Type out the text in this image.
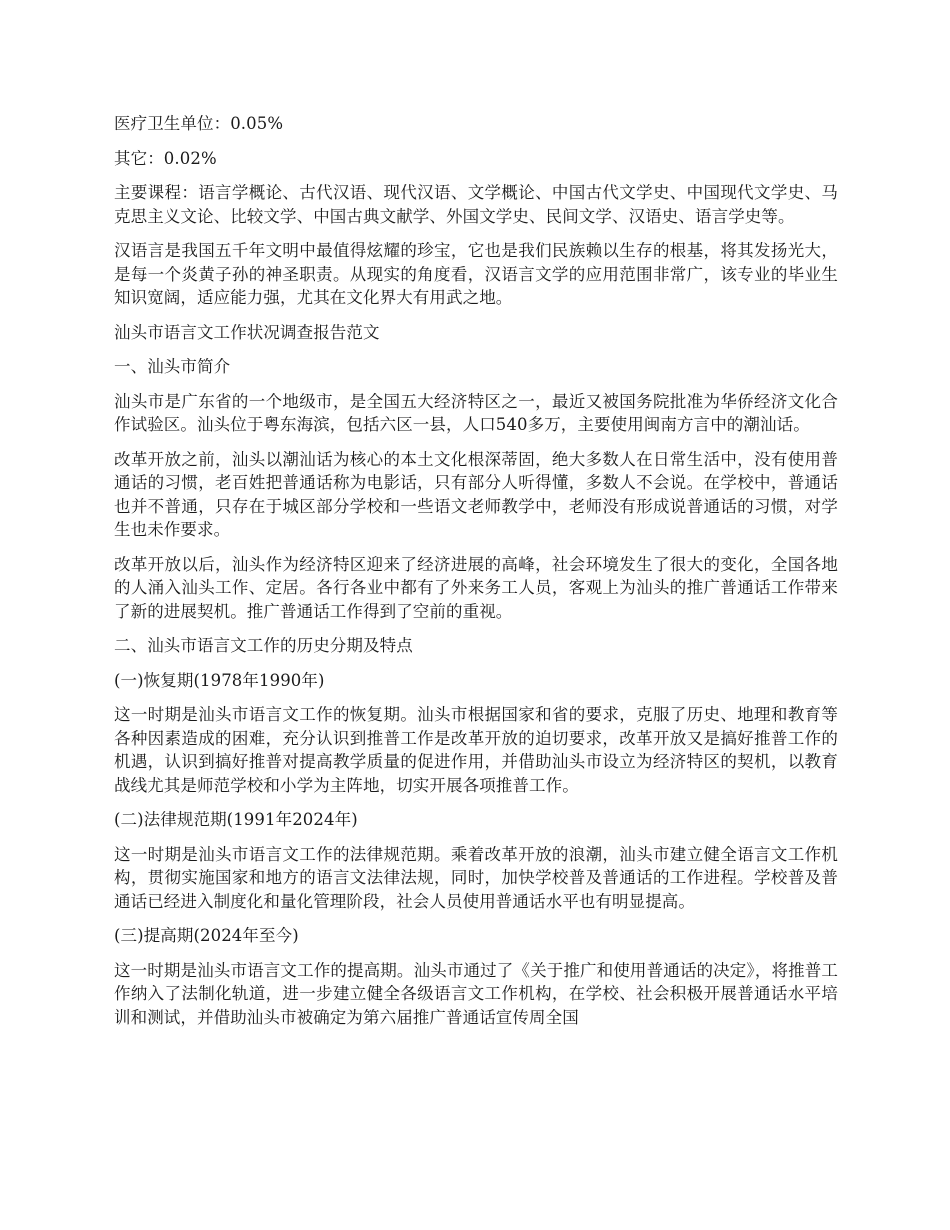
医疗卫生单位：0.05%

其它：0.02%

主要课程：语言学概论、古代汉语、现代汉语、文学概论、中国古代文学史、中国现代文学史、马克思主义文论、比较文学、中国古典文献学、外国文学史、民间文学、汉语史、语言学史等。

汉语言是我国五千年文明中最值得炫耀的珍宝，它也是我们民族赖以生存的根基，将其发扬光大，是每一个炎黄子孙的神圣职责。从现实的角度看，汉语言文学的应用范围非常广，该专业的毕业生知识宽阔，适应能力强，尤其在文化界大有用武之地。

汕头市语言文工作状况调查报告范文

一、汕头市简介

汕头市是广东省的一个地级市，是全国五大经济特区之一，最近又被国务院批准为华侨经济文化合作试验区。汕头位于粤东海滨，包括六区一县，人口540多万，主要使用闽南方言中的潮汕话。

改革开放之前，汕头以潮汕话为核心的本土文化根深蒂固，绝大多数人在日常生活中，没有使用普通话的习惯，老百姓把普通话称为电影话，只有部分人听得懂，多数人不会说。在学校中，普通话也并不普通，只存在于城区部分学校和一些语文老师教学中，老师没有形成说普通话的习惯，对学生也未作要求。

改革开放以后，汕头作为经济特区迎来了经济进展的高峰，社会环境发生了很大的变化，全国各地的人涌入汕头工作、定居。各行各业中都有了外来务工人员，客观上为汕头的推广普通话工作带来了新的进展契机。推广普通话工作得到了空前的重视。

二、汕头市语言文工作的历史分期及特点

(一)恢复期(1978年1990年)

这一时期是汕头市语言文工作的恢复期。汕头市根据国家和省的要求，克服了历史、地理和教育等各种因素造成的困难，充分认识到推普工作是改革开放的迫切要求，改革开放又是搞好推普工作的机遇，认识到搞好推普对提高教学质量的促进作用，并借助汕头市设立为经济特区的契机，以教育战线尤其是师范学校和小学为主阵地，切实开展各项推普工作。

(二)法律规范期(1991年2024年)

这一时期是汕头市语言文工作的法律规范期。乘着改革开放的浪潮，汕头市建立健全语言文工作机构，贯彻实施国家和地方的语言文法律法规，同时，加快学校普及普通话的工作进程。学校普及普通话已经进入制度化和量化管理阶段，社会人员使用普通话水平也有明显提高。

(三)提高期(2024年至今)

这一时期是汕头市语言文工作的提高期。汕头市通过了《关于推广和使用普通话的决定》，将推普工作纳入了法制化轨道，进一步建立健全各级语言文工作机构，在学校、社会积极开展普通话水平培训和测试，并借助汕头市被确定为第六届推广普通话宣传周全国
